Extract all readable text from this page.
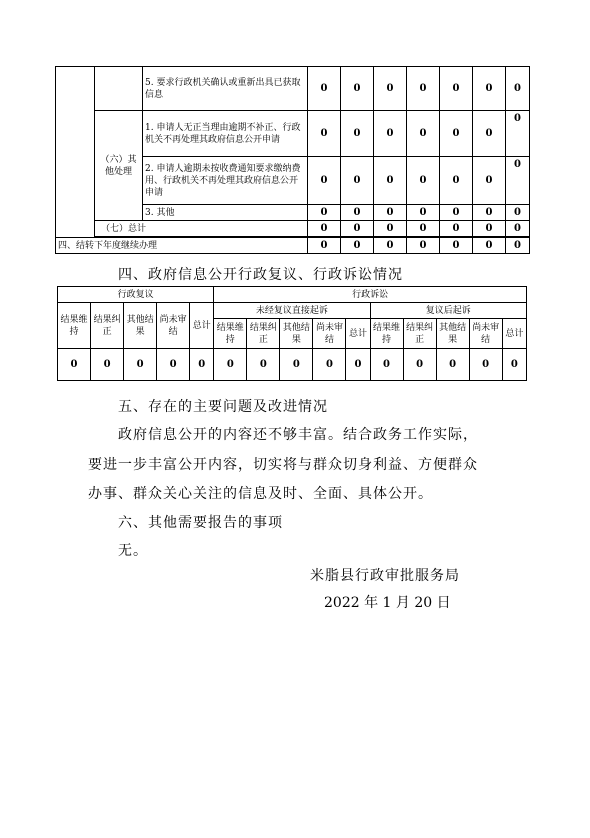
		5. 要求行政机关确认或重新出具已获取信息	0	0	0	0	0	0	0
	（六）其他处理	1. 申请人无正当理由逾期不补正、行政机关不再处理其政府信息公开申请	0	0	0	0	0	0	0
		2. 申请人逾期未按收费通知要求缴纳费用、行政机关不再处理其政府信息公开申请	0	0	0	0	0	0	0
		3. 其他	0	0	0	0	0	0	0
	（七）总计		0	0	0	0	0	0	0

四、结转下年度继续办理			0	0	0	0	0	0	0
四、政府信息公开行政复议、行政诉讼情况
行政复议					行政诉讼									
结果维持	结果纠正	其他结果	尚未审结	总计	未经复议直接起诉					复议后起诉				
					结果维持	结果纠正	其他结果	尚未审结	总计	结果维持	结果纠正	其他结果	尚未审结	总计
0	0	0	0	0	0	0	0	0	0	0	0	0	0	0
五、存在的主要问题及改进情况
政府信息公开的内容还不够丰富。结合政务工作实际，
要进一步丰富公开内容，切实将与群众切身利益、方便群众
办事、群众关心关注的信息及时、全面、具体公开。
六、其他需要报告的事项
无。
米脂县行政审批服务局
2022 年 1 月 20 日
